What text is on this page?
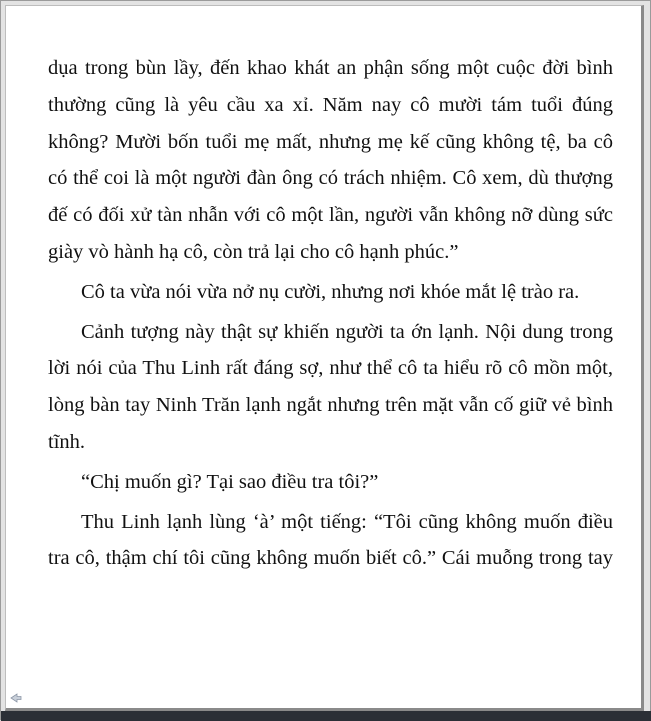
dụa trong bùn lầy, đến khao khát an phận sống một cuộc đời bình
thường cũng là yêu cầu xa xỉ. Năm nay cô mười tám tuổi đúng
không? Mười bốn tuổi mẹ mất, nhưng mẹ kế cũng không tệ, ba cô
có thể coi là một người đàn ông có trách nhiệm. Cô xem, dù thượng
đế có đối xử tàn nhẫn với cô một lần, người vẫn không nỡ dùng sức
giày vò hành hạ cô, còn trả lại cho cô hạnh phúc.”
Cô ta vừa nói vừa nở nụ cười, nhưng nơi khóe mắt lệ trào ra.
Cảnh tượng này thật sự khiến người ta ớn lạnh. Nội dung trong
lời nói của Thu Linh rất đáng sợ, như thể cô ta hiểu rõ cô mồn một,
lòng bàn tay Ninh Trăn lạnh ngắt nhưng trên mặt vẫn cố giữ vẻ bình
tĩnh.
“Chị muốn gì? Tại sao điều tra tôi?”
Thu Linh lạnh lùng ‘à’ một tiếng: “Tôi cũng không muốn điều
tra cô, thậm chí tôi cũng không muốn biết cô.” Cái muỗng trong tay
